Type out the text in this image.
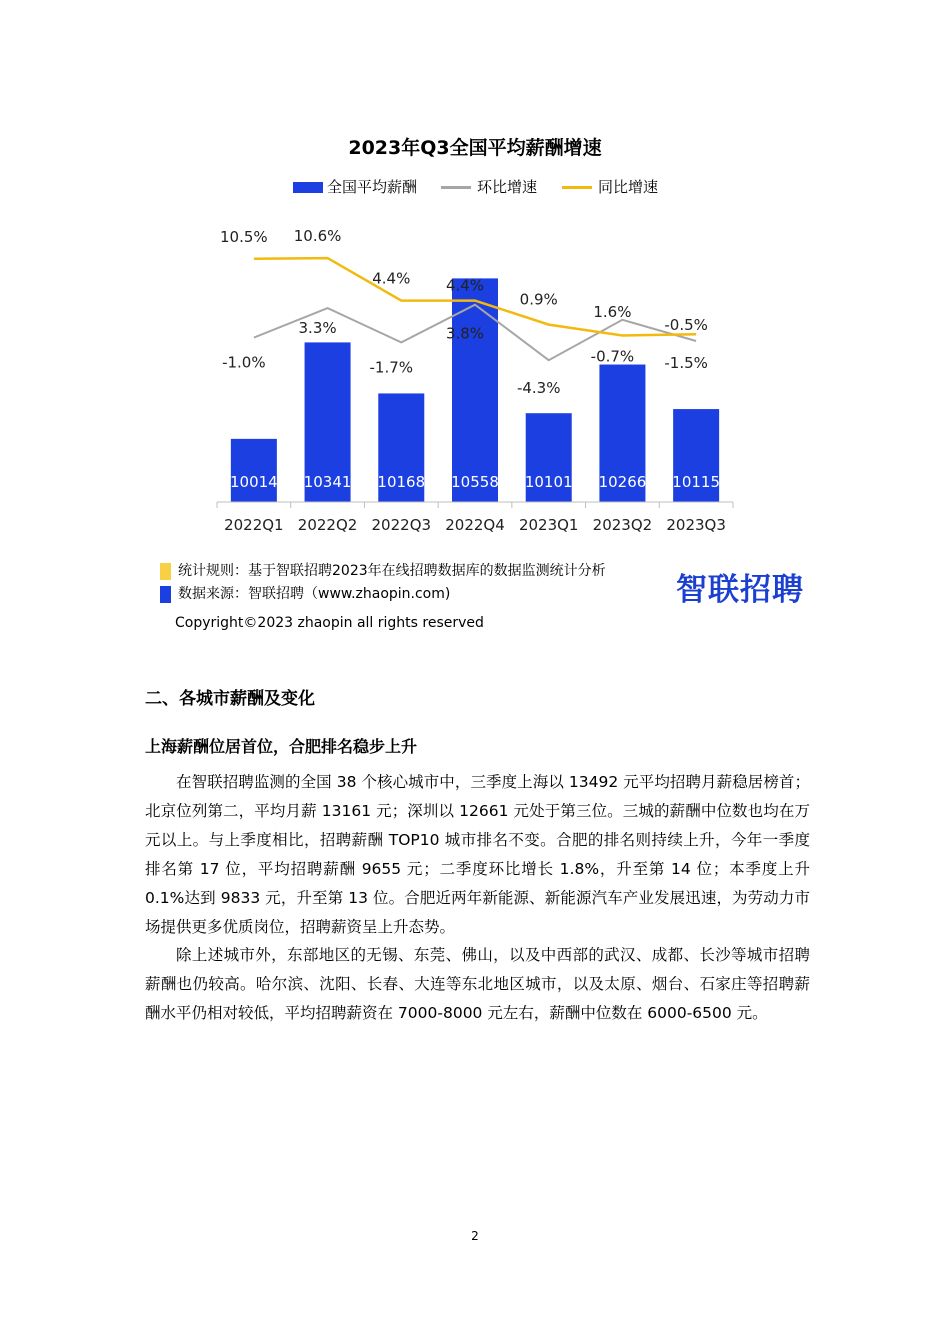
2023年Q3全国平均薪酬增速
全国平均薪酬	环比增速	同比增速
10014 10341 10168 10558 10101 10266 10115
2022Q1 2022Q2 2022Q3 2022Q4 2023Q1 2023Q2 2023Q3
-1.0%
3.3%
-1.7%
3.8%
-4.3%
1.6%
-1.5%
10.5% 10.6%
4.4% 4.4%
0.9%
-0.7%
-0.5%
统计规则：基于智联招聘2023年在线招聘数据库的数据监测统计分析
数据来源：智联招聘（www.zhaopin.com)	智联招聘
Copyright©2023 zhaopin all rights reserved
二、各城市薪酬及变化
上海薪酬位居首位，合肥排名稳步上升
在智联招聘监测的全国 38 个核心城市中，三季度上海以 13492 元平均招聘月薪稳居榜首；北京位列第二，平均月薪 13161 元；深圳以 12661 元处于第三位。三城的薪酬中位数也均在万元以上。与上季度相比，招聘薪酬 TOP10 城市排名不变。合肥的排名则持续上升，今年一季度排名第 17 位，平均招聘薪酬 9655 元；二季度环比增长 1.8%，升至第 14 位；本季度上升 0.1%达到 9833 元，升至第 13 位。合肥近两年新能源、新能源汽车产业发展迅速，为劳动力市场提供更多优质岗位，招聘薪资呈上升态势。
除上述城市外，东部地区的无锡、东莞、佛山，以及中西部的武汉、成都、长沙等城市招聘薪酬也仍较高。哈尔滨、沈阳、长春、大连等东北地区城市，以及太原、烟台、石家庄等招聘薪酬水平仍相对较低，平均招聘薪资在 7000-8000 元左右，薪酬中位数在 6000-6500 元。
2
